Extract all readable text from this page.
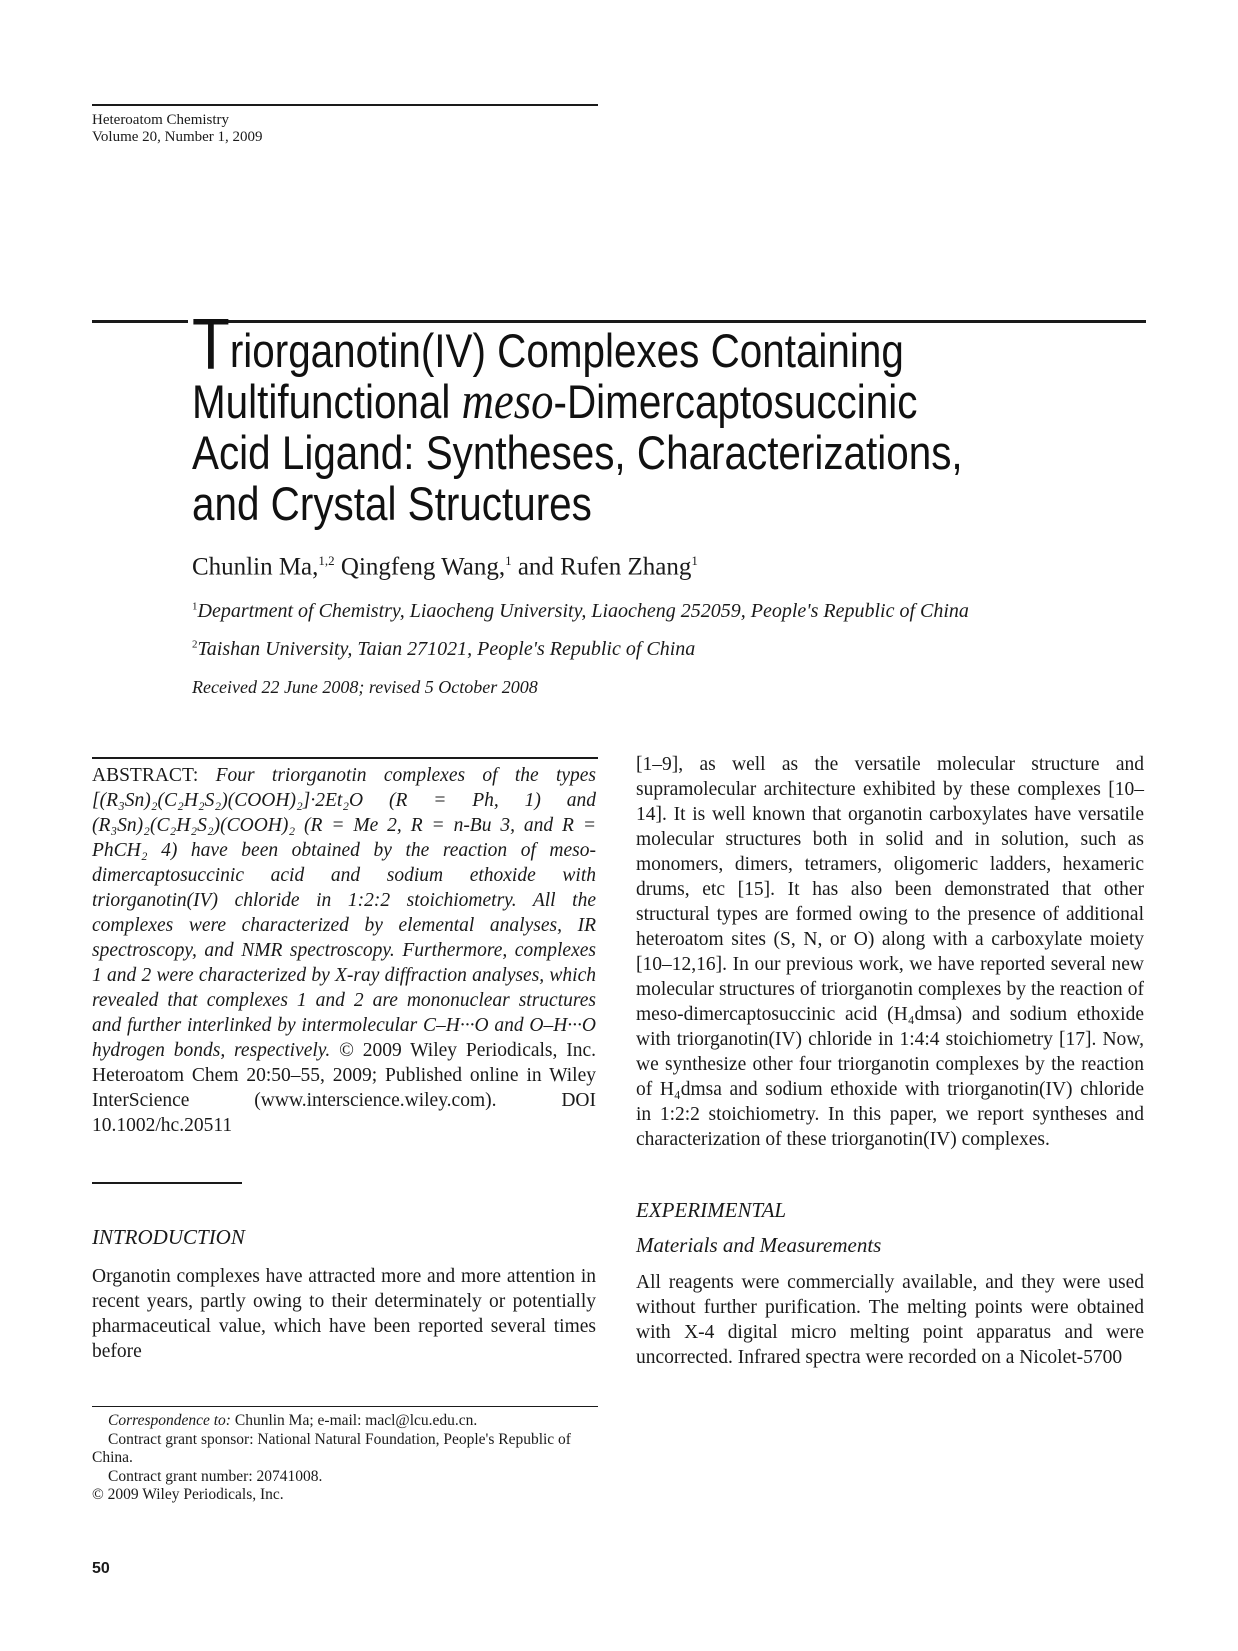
Heteroatom Chemistry
Volume 20, Number 1, 2009
Triorganotin(IV) Complexes Containing
Multifunctional meso-Dimercaptosuccinic
Acid Ligand: Syntheses, Characterizations,
and Crystal Structures
Chunlin Ma,$^{1,2}$ Qingfeng Wang,$^1$ and Rufen Zhang$^1$
$^1$Department of Chemistry, Liaocheng University, Liaocheng 252059, People's Republic of China
$^2$Taishan University, Taian 271021, People's Republic of China
Received 22 June 2008; revised 5 October 2008

ABSTRACT: Four triorganotin complexes of the types [(R₃Sn)₂(C₂H₂S₂)(COOH)₂]·2Et₂O (R = Ph, 1) and (R₃Sn)₂(C₂H₂S₂)(COOH)₂ (R = Me 2, R = n-Bu 3, and R = PhCH₂ 4) have been obtained by the reaction of meso-dimercaptosuccinic acid and sodium ethoxide with triorganotin(IV) chloride in 1:2:2 stoichiometry. All the complexes were characterized by elemental analyses, IR spectroscopy, and NMR spectroscopy. Furthermore, complexes 1 and 2 were characterized by X-ray diffraction analyses, which revealed that complexes 1 and 2 are mononuclear structures and further interlinked by intermolecular C–H···O and O–H···O hydrogen bonds, respectively. © 2009 Wiley Periodicals, Inc. Heteroatom Chem 20:50–55, 2009; Published online in Wiley InterScience (www.interscience.wiley.com). DOI 10.1002/hc.20511

INTRODUCTION

Organotin complexes have attracted more and more attention in recent years, partly owing to their determinately or potentially pharmaceutical value, which have been reported several times before

Correspondence to: Chunlin Ma; e-mail: macl@lcu.edu.cn.

Contract grant sponsor: National Natural Foundation, People's Republic of China.

Contract grant number: 20741008.

© 2009 Wiley Periodicals, Inc.

[1–9], as well as the versatile molecular structure and supramolecular architecture exhibited by these complexes [10–14]. It is well known that organotin carboxylates have versatile molecular structures both in solid and in solution, such as monomers, dimers, tetramers, oligomeric ladders, hexameric drums, etc [15]. It has also been demonstrated that other structural types are formed owing to the presence of additional heteroatom sites (S, N, or O) along with a carboxylate moiety [10–12,16]. In our previous work, we have reported several new molecular structures of triorganotin complexes by the reaction of meso-dimercaptosuccinic acid (H₄dmsa) and sodium ethoxide with triorganotin(IV) chloride in 1:4:4 stoichiometry [17]. Now, we synthesize other four triorganotin complexes by the reaction of H₄dmsa and sodium ethoxide with triorganotin(IV) chloride in 1:2:2 stoichiometry. In this paper, we report syntheses and characterization of these triorganotin(IV) complexes.

EXPERIMENTAL

Materials and Measurements

All reagents were commercially available, and they were used without further purification. The melting points were obtained with X-4 digital micro melting point apparatus and were uncorrected. Infrared spectra were recorded on a Nicolet-5700

50
